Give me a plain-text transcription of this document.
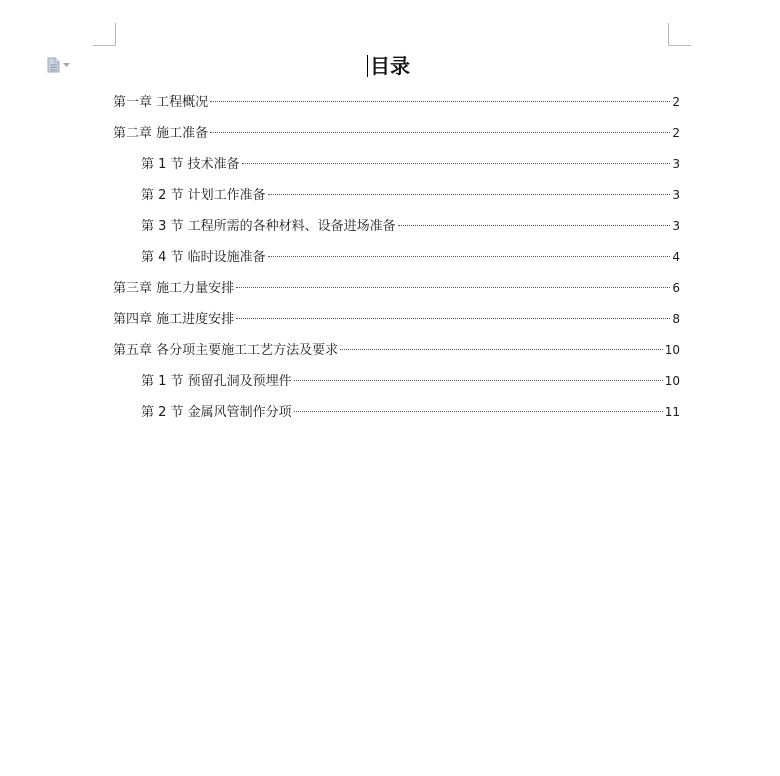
目录
第一章 工程概况	2
第二章 施工准备	2
第 1 节 技术准备	3
第 2 节 计划工作准备	3
第 3 节 工程所需的各种材料、设备进场准备	3
第 4 节 临时设施准备	4
第三章 施工力量安排	6
第四章 施工进度安排	8
第五章 各分项主要施工工艺方法及要求	10
第 1 节 预留孔洞及预埋件	10
第 2 节 金属风管制作分项	11
